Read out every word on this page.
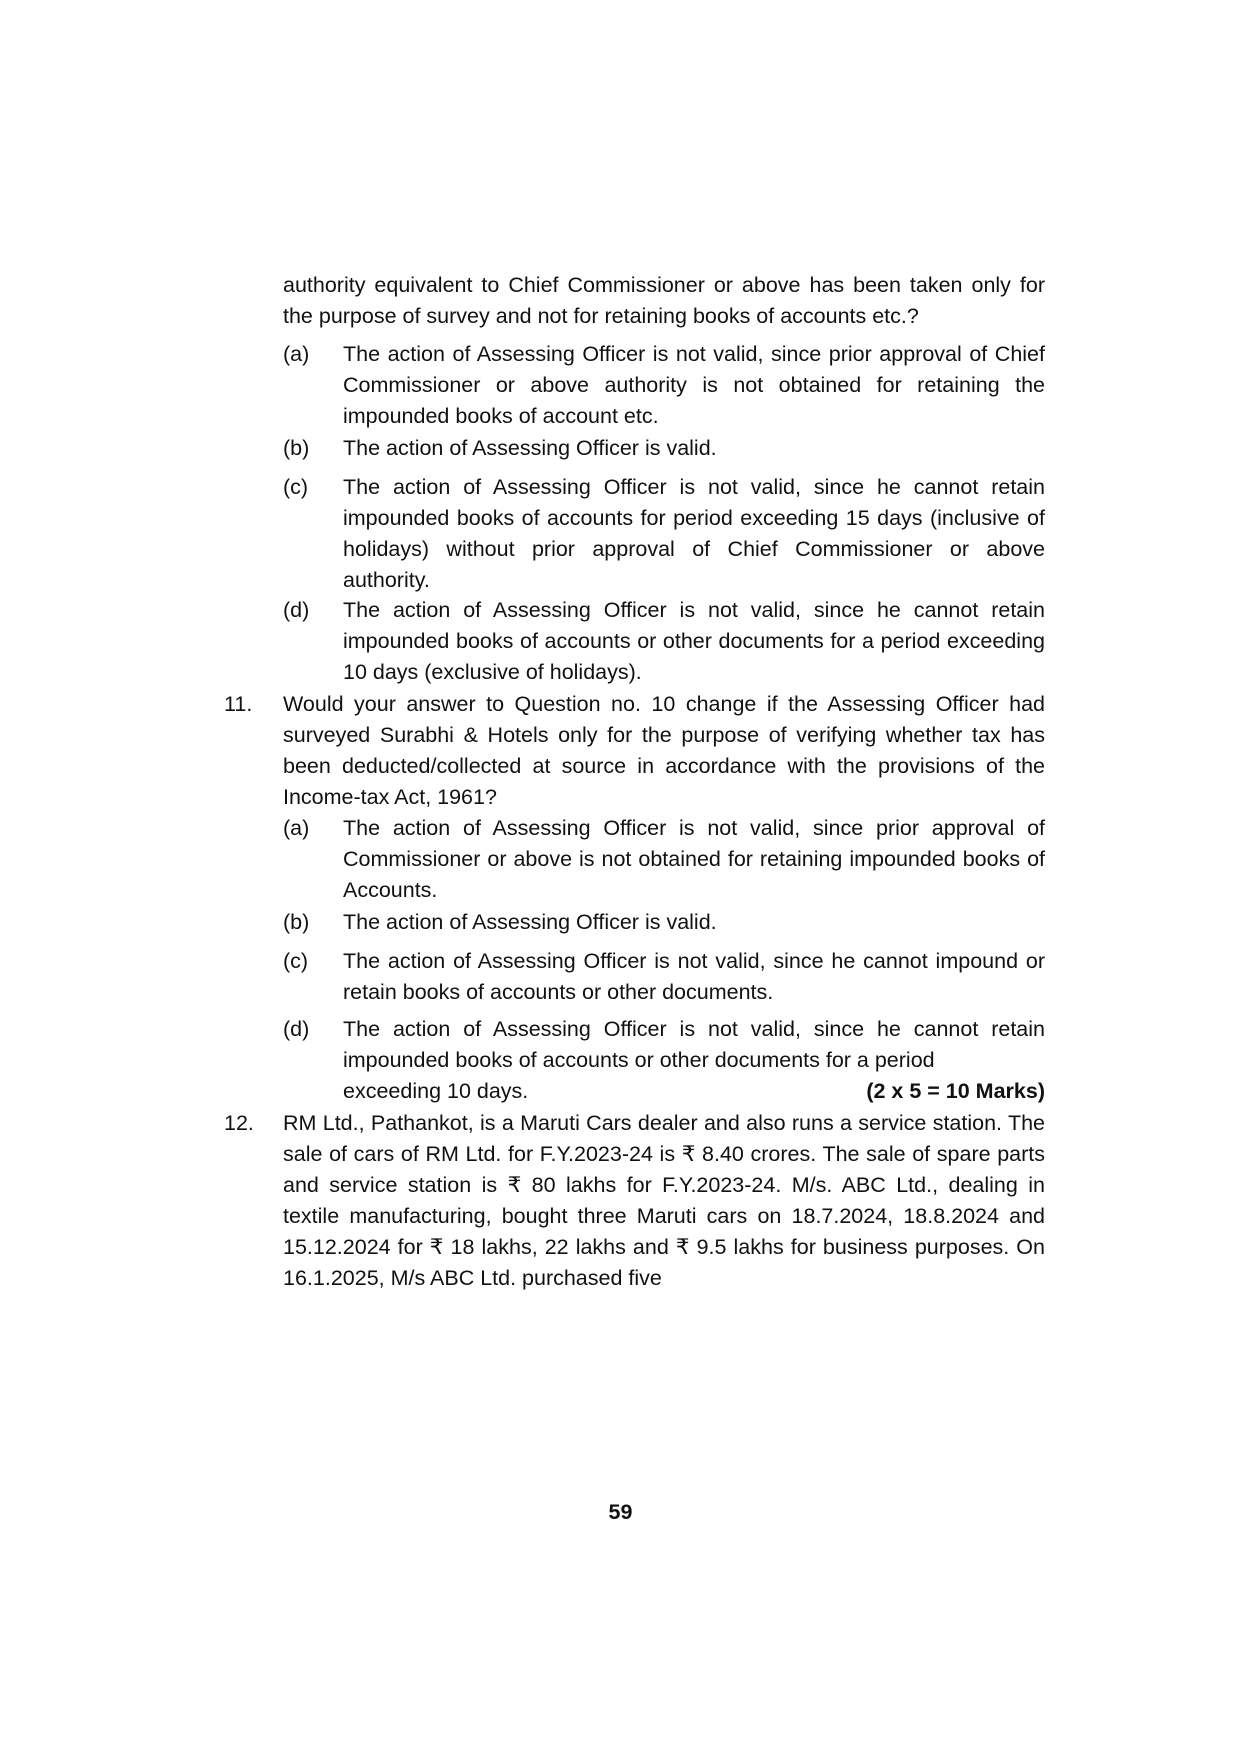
authority equivalent to Chief Commissioner or above has been taken only for the purpose of survey and not for retaining books of accounts etc.?
(a)	The action of Assessing Officer is not valid, since prior approval of Chief Commissioner or above authority is not obtained for retaining the impounded books of account etc.
(b)	The action of Assessing Officer is valid.
(c)	The action of Assessing Officer is not valid, since he cannot retain impounded books of accounts for period exceeding 15 days (inclusive of holidays) without prior approval of Chief Commissioner or above authority.
(d)	The action of Assessing Officer is not valid, since he cannot retain impounded books of accounts or other documents for a period exceeding 10 days (exclusive of holidays).
11.	Would your answer to Question no. 10 change if the Assessing Officer had surveyed Surabhi & Hotels only for the purpose of verifying whether tax has been deducted/collected at source in accordance with the provisions of the Income-tax Act, 1961?
(a)	The action of Assessing Officer is not valid, since prior approval of Commissioner or above is not obtained for retaining impounded books of Accounts.
(b)	The action of Assessing Officer is valid.
(c)	The action of Assessing Officer is not valid, since he cannot impound or retain books of accounts or other documents.
(d)	The action of Assessing Officer is not valid, since he cannot retain impounded books of accounts or other documents for a period
exceeding 10 days.	(2 x 5 = 10 Marks)
12.	RM Ltd., Pathankot, is a Maruti Cars dealer and also runs a service station. The sale of cars of RM Ltd. for F.Y.2023-24 is ₹ 8.40 crores. The sale of spare parts and service station is ₹ 80 lakhs for F.Y.2023-24. M/s. ABC Ltd., dealing in textile manufacturing, bought three Maruti cars on 18.7.2024, 18.8.2024 and 15.12.2024 for ₹ 18 lakhs, 22 lakhs and ₹ 9.5 lakhs for business purposes. On 16.1.2025, M/s ABC Ltd. purchased five
59
